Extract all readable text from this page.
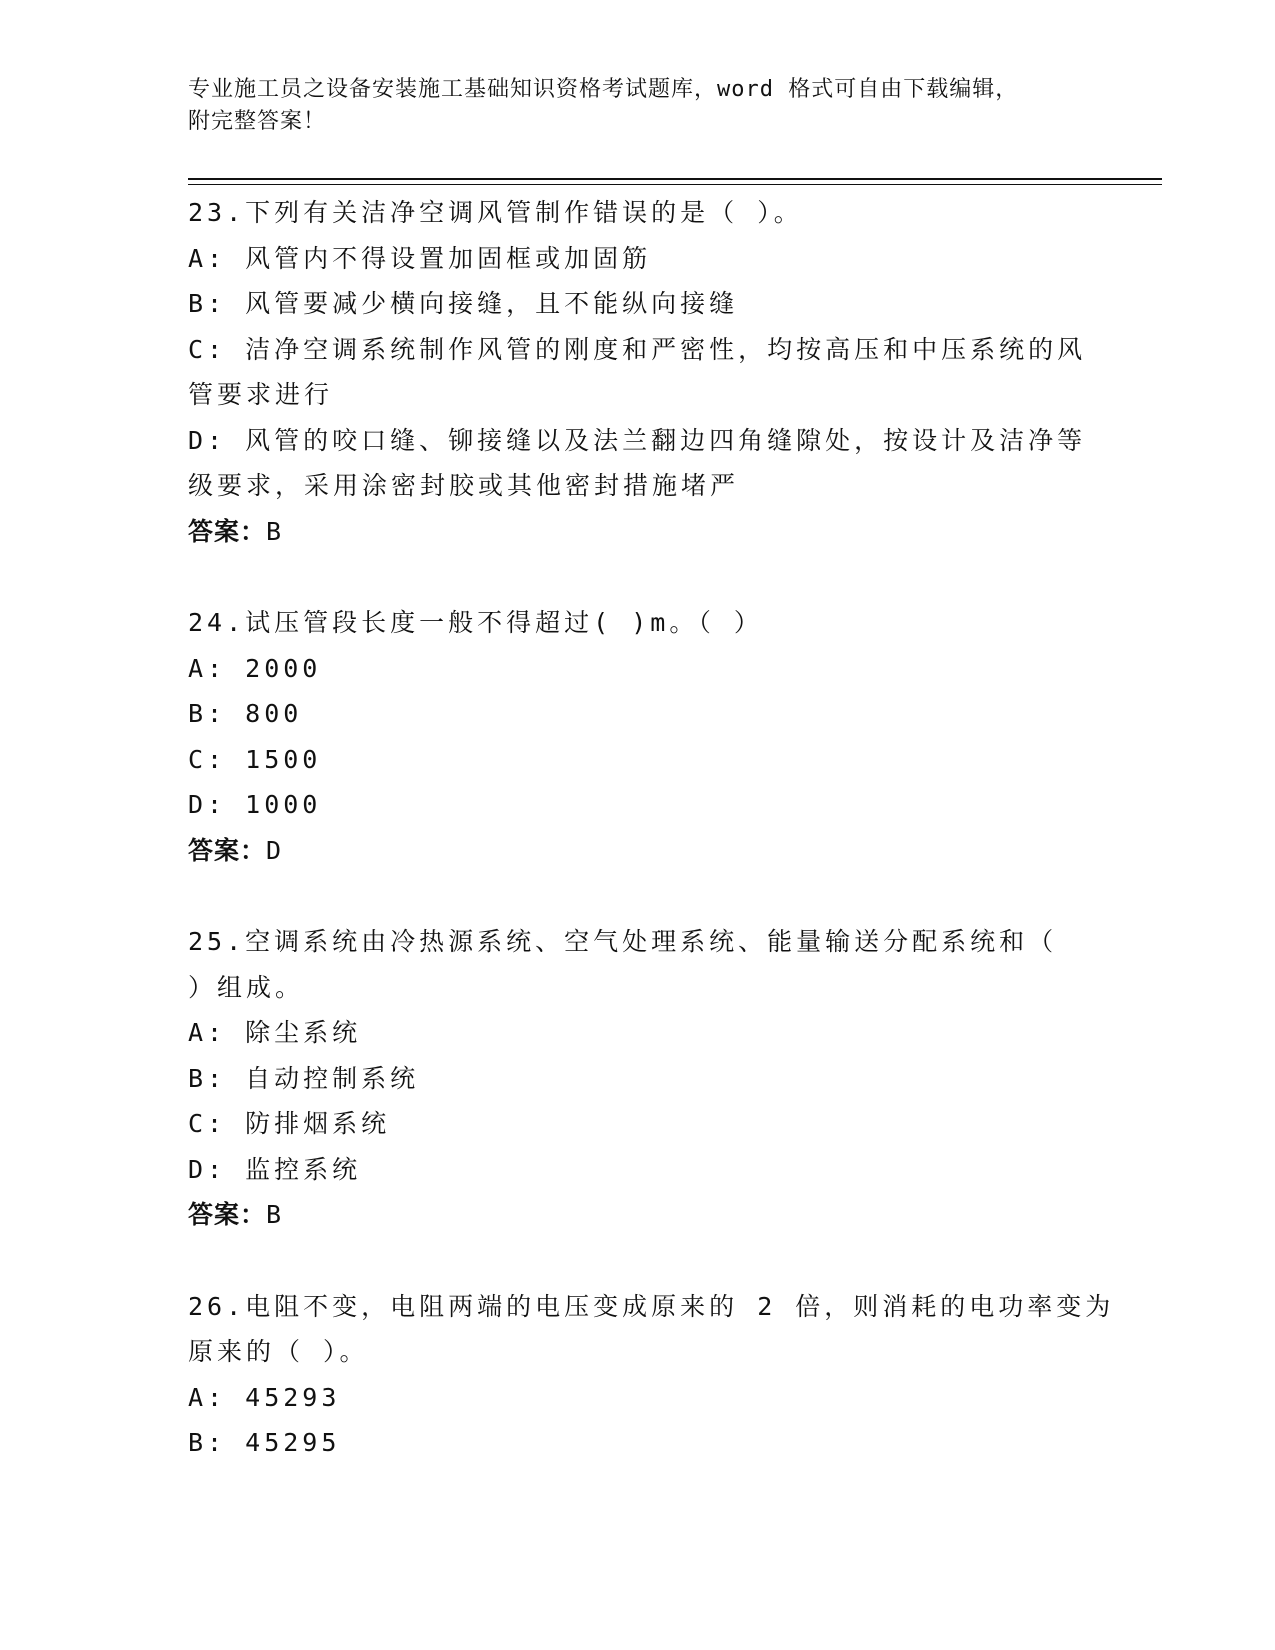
专业施工员之设备安装施工基础知识资格考试题库，word 格式可自由下载编辑，
附完整答案！
23.下列有关洁净空调风管制作错误的是（ ）。
A: 风管内不得设置加固框或加固筋
B: 风管要减少横向接缝，且不能纵向接缝
C: 洁净空调系统制作风管的刚度和严密性，均按高压和中压系统的风
管要求进行
D: 风管的咬口缝、铆接缝以及法兰翻边四角缝隙处，按设计及洁净等
级要求，采用涂密封胶或其他密封措施堵严
答案：B
24.试压管段长度一般不得超过( )m。（ ）
A: 2000
B: 800
C: 1500
D: 1000
答案：D
25.空调系统由冷热源系统、空气处理系统、能量输送分配系统和（
）组成。
A: 除尘系统
B: 自动控制系统
C: 防排烟系统
D: 监控系统
答案：B
26.电阻不变，电阻两端的电压变成原来的 2 倍，则消耗的电功率变为
原来的（ ）。
A: 45293
B: 45295
